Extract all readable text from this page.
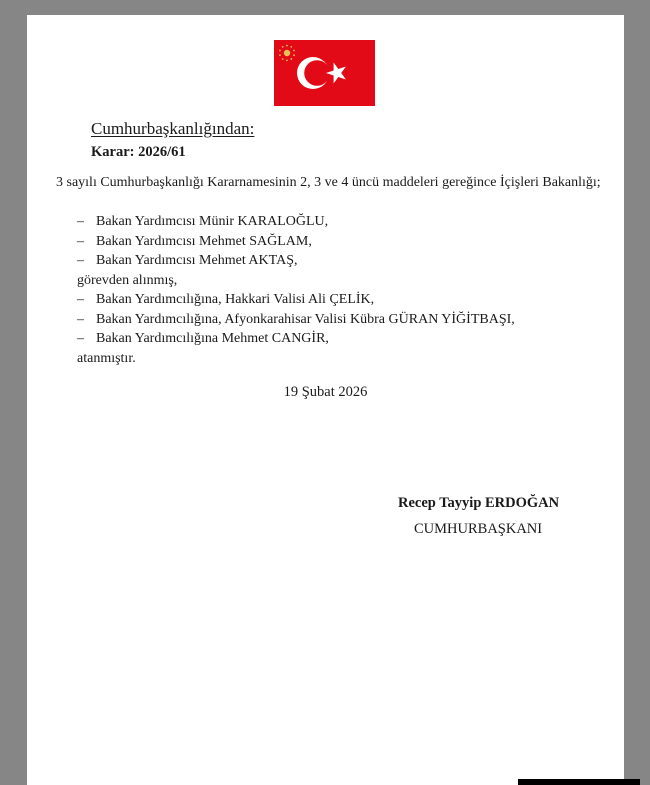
Cumhurbaşkanlığından:
Karar: 2026/61
3 sayılı Cumhurbaşkanlığı Kararnamesinin 2, 3 ve 4 üncü maddeleri gereğince İçişleri Bakanlığı;
– Bakan Yardımcısı Münir KARALOĞLU,
– Bakan Yardımcısı Mehmet SAĞLAM,
– Bakan Yardımcısı Mehmet AKTAŞ,
görevden alınmış,
– Bakan Yardımcılığına, Hakkari Valisi Ali ÇELİK,
– Bakan Yardımcılığına, Afyonkarahisar Valisi Kübra GÜRAN YİĞİTBAŞI,
– Bakan Yardımcılığına Mehmet CANGİR,
atanmıştır.
19 Şubat 2026
Recep Tayyip ERDOĞAN
CUMHURBAŞKANI
